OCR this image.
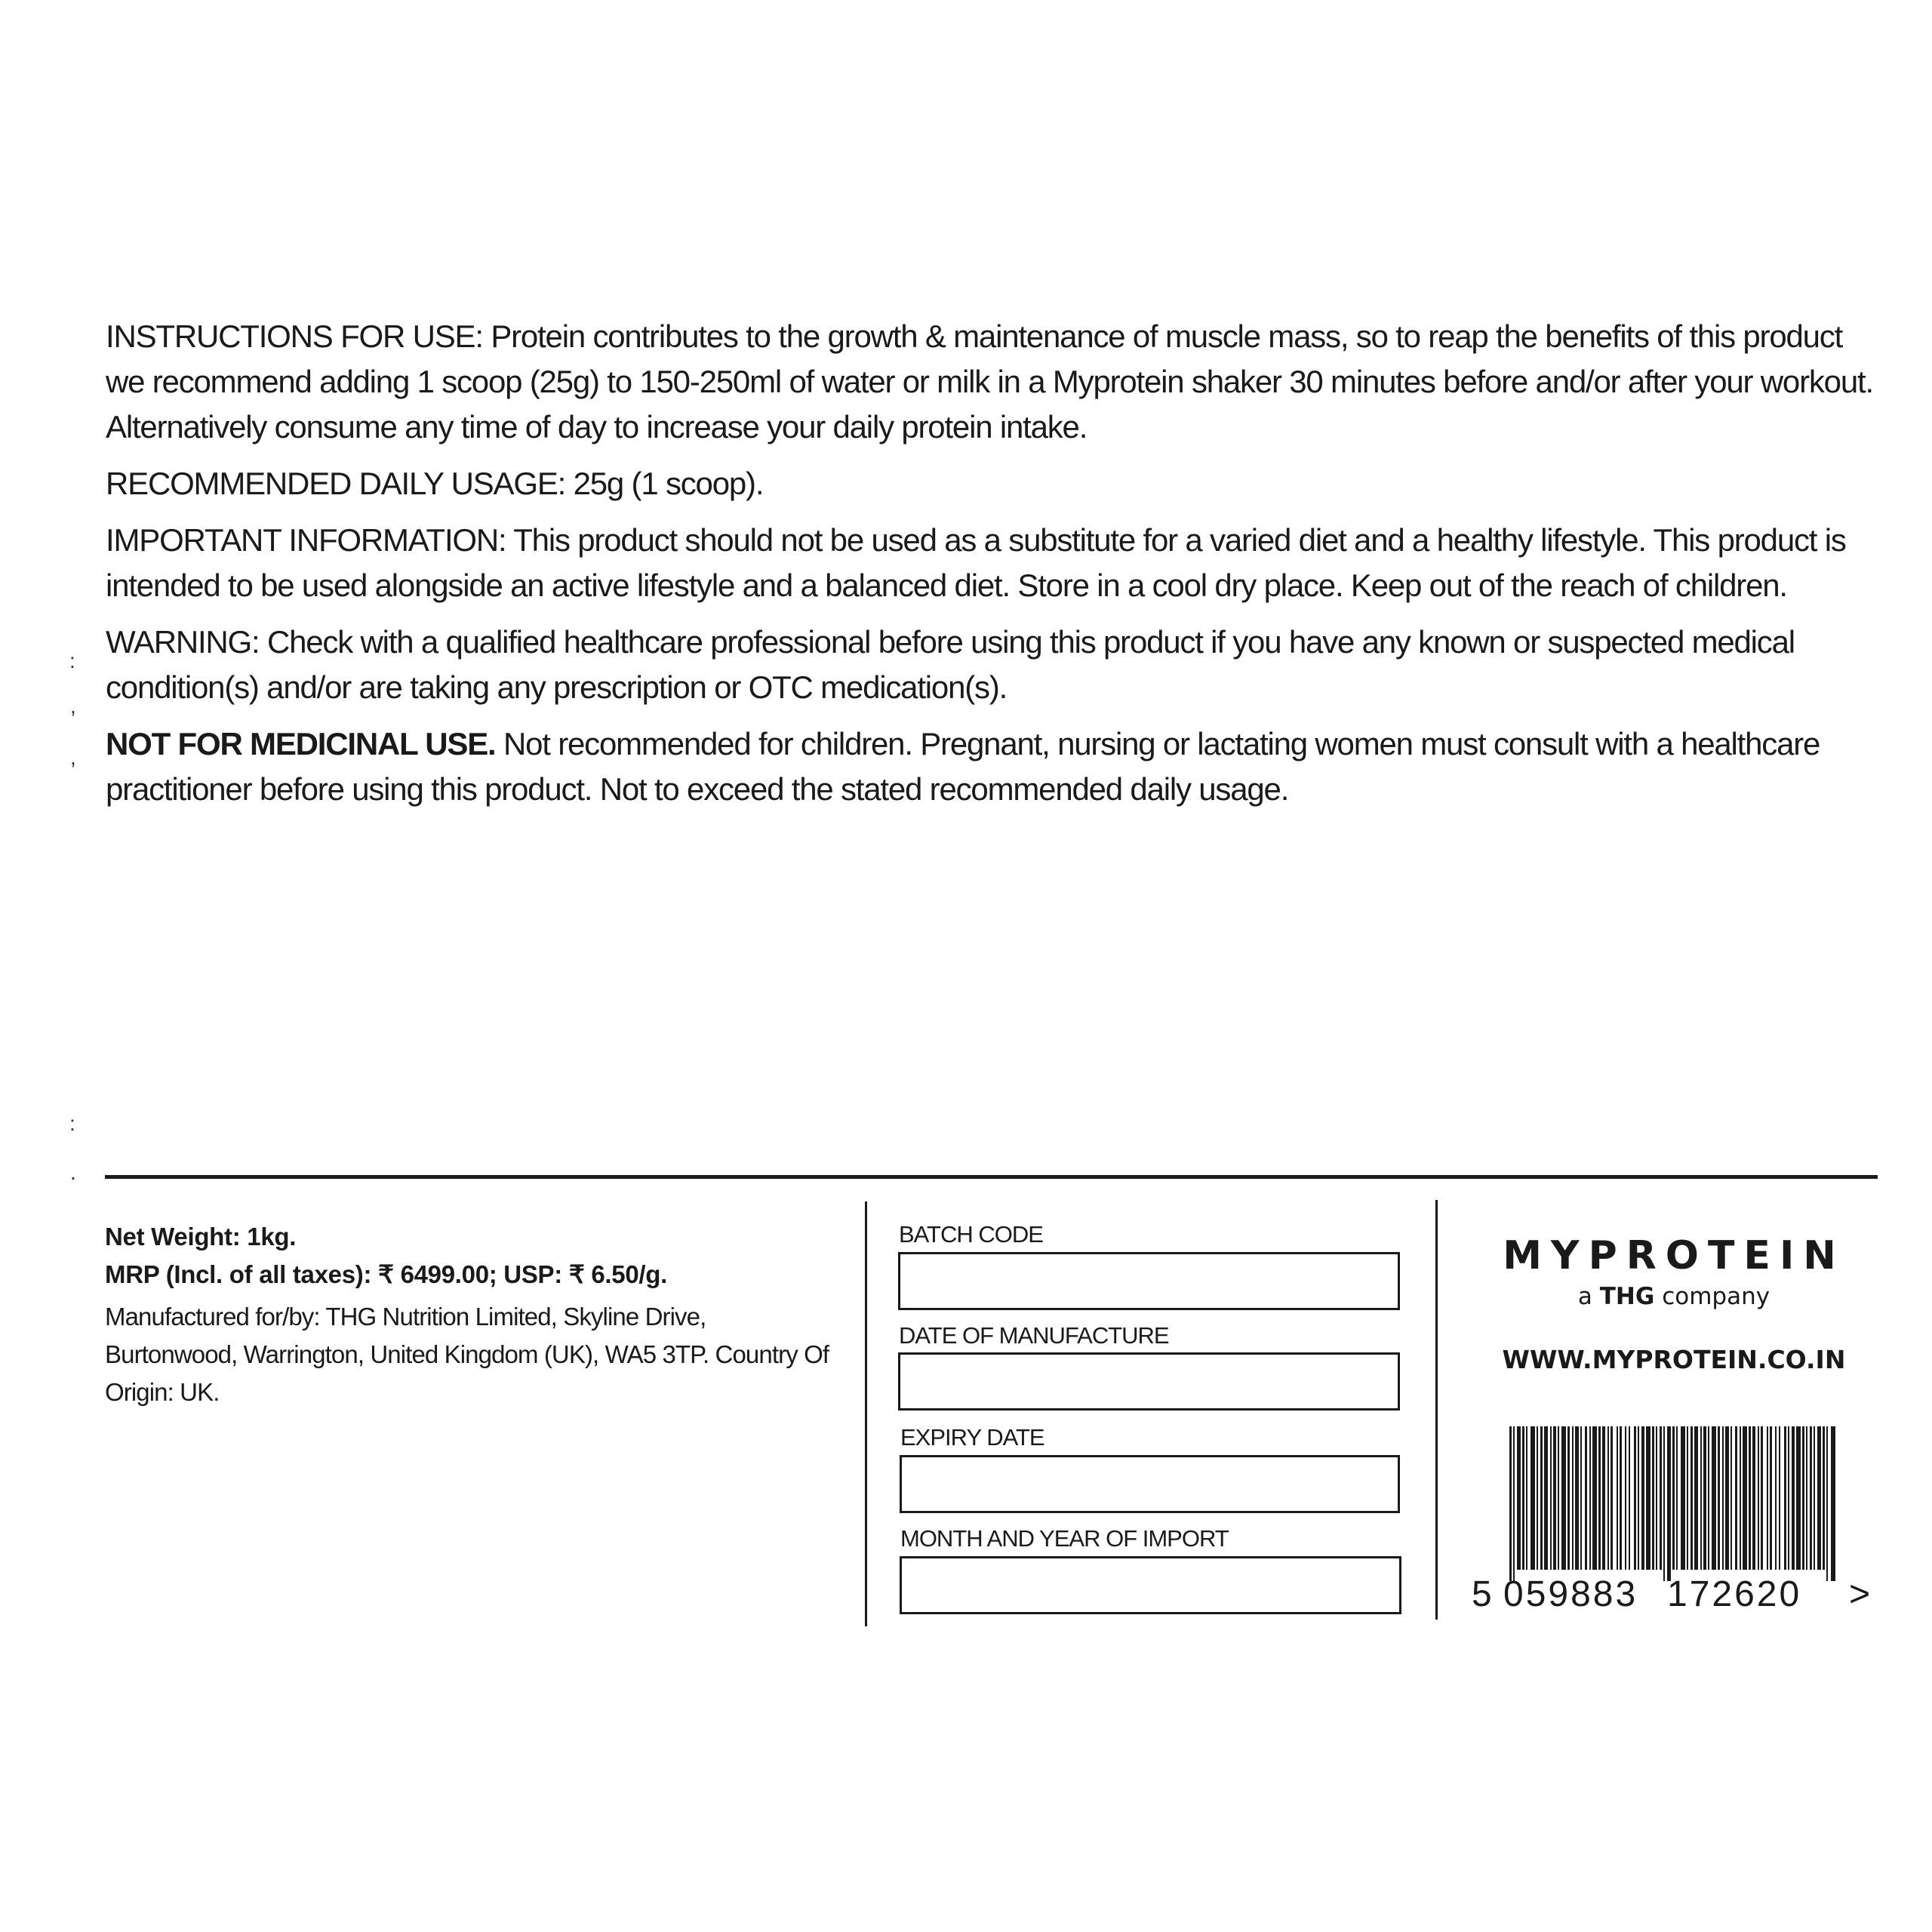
:
,
,
:
.

INSTRUCTIONS FOR USE: Protein contributes to the growth & maintenance of muscle mass, so to reap the benefits of this product we recommend adding 1 scoop (25g) to 150-250ml of water or milk in a Myprotein shaker 30 minutes before and/or after your workout. Alternatively consume any time of day to increase your daily protein intake.

RECOMMENDED DAILY USAGE: 25g (1 scoop).

IMPORTANT INFORMATION: This product should not be used as a substitute for a varied diet and a healthy lifestyle. This product is intended to be used alongside an active lifestyle and a balanced diet. Store in a cool dry place. Keep out of the reach of children.

WARNING: Check with a qualified healthcare professional before using this product if you have any known or suspected medical condition(s) and/or are taking any prescription or OTC medication(s).

NOT FOR MEDICINAL USE. Not recommended for children. Pregnant, nursing or lactating women must consult with a healthcare practitioner before using this product. Not to exceed the stated recommended daily usage.

Net Weight: 1kg.
MRP (Incl. of all taxes): ₹ 6499.00; USP: ₹ 6.50/g.
Manufactured for/by: THG Nutrition Limited, Skyline Drive, Burtonwood, Warrington, United Kingdom (UK), WA5 3TP. Country Of Origin: UK.
BATCH CODE
DATE OF MANUFACTURE
EXPIRY DATE
MONTH AND YEAR OF IMPORT
MYPROTEIN
a THG company
WWW.MYPROTEIN.CO.IN
5 059883 172620 >
